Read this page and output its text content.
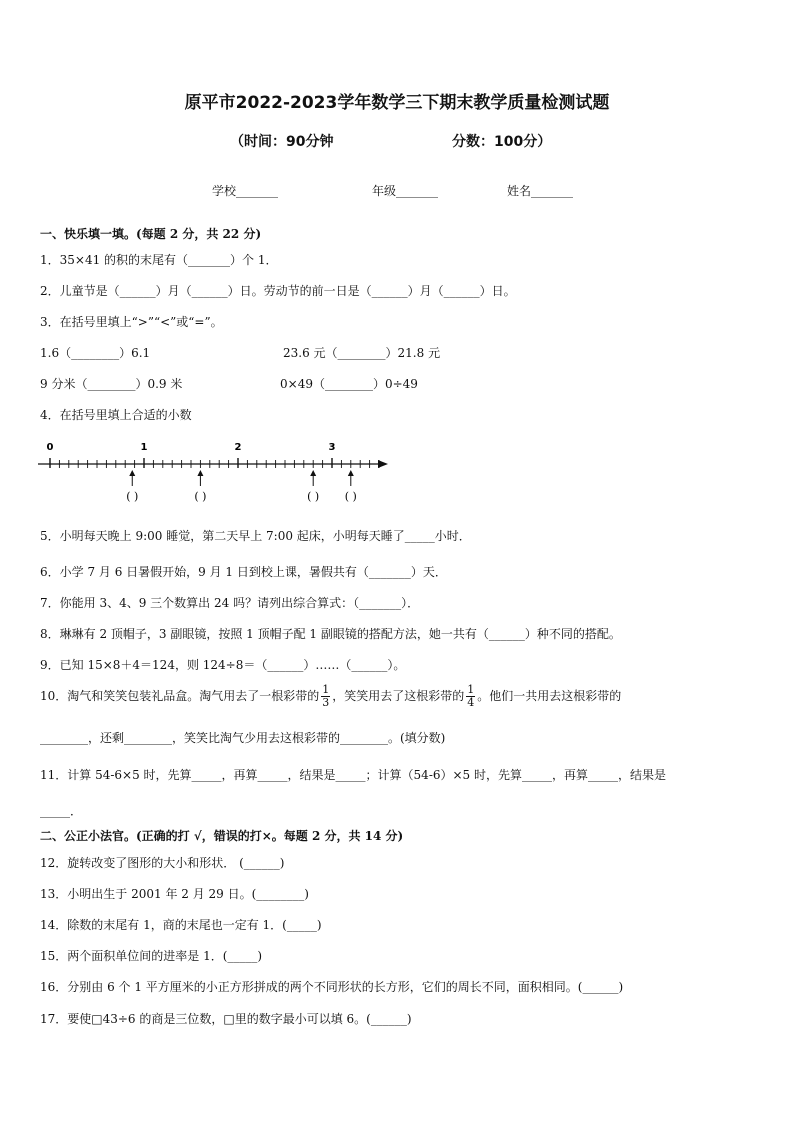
原平市2022-2023学年数学三下期末教学质量检测试题
（时间：90分钟	分数：100分）
学校_______	年级_______	姓名_______
一、快乐填一填。(每题 2 分，共 22 分)
1．35×41 的积的末尾有（_______）个 1．
2．儿童节是（______）月（______）日。劳动节的前一日是（______）月（______）日。
3．在括号里填上“>”“<”或“=”。
1.6（________）6.1	23.6 元（________）21.8 元
9 分米（________）0.9 米	0×49（________）0÷49
4．在括号里填上合适的小数
0	1	2	3
( )	( )	( ) ( )
5．小明每天晚上 9:00 睡觉，第二天早上 7:00 起床，小明每天睡了_____小时．
6．小学 7 月 6 日暑假开始，9 月 1 日到校上课，暑假共有（_______）天．
7．你能用 3、4、9 三个数算出 24 吗？请列出综合算式：（_______）．
8．琳琳有 2 顶帽子，3 副眼镜，按照 1 顶帽子配 1 副眼镜的搭配方法，她一共有（______）种不同的搭配。
9．已知 15×8＋4＝124，则 124÷8＝（______）……（______）。
10．淘气和笑笑包装礼品盒。淘气用去了一根彩带的 $\frac{1}{3}$ ，笑笑用去了这根彩带的 $\frac{1}{4}$ 。他们一共用去这根彩带的
________，还剩________，笑笑比淘气少用去这根彩带的________。(填分数)
11．计算 54-6×5 时，先算_____，再算_____，结果是_____；计算（54-6）×5 时，先算_____，再算_____，结果是
_____．
二、公正小法官。(正确的打 √，错误的打×。每题 2 分，共 14 分)
12．旋转改变了图形的大小和形状． (______)
13．小明出生于 2001 年 2 月 29 日。(________)
14．除数的末尾有 1，商的末尾也一定有 1．(_____)
15．两个面积单位间的进率是 1．(_____)
16．分别由 6 个 1 平方厘米的小正方形拼成的两个不同形状的长方形，它们的周长不同，面积相同。(______)
17．要使□43÷6 的商是三位数，□里的数字最小可以填 6。(______)
